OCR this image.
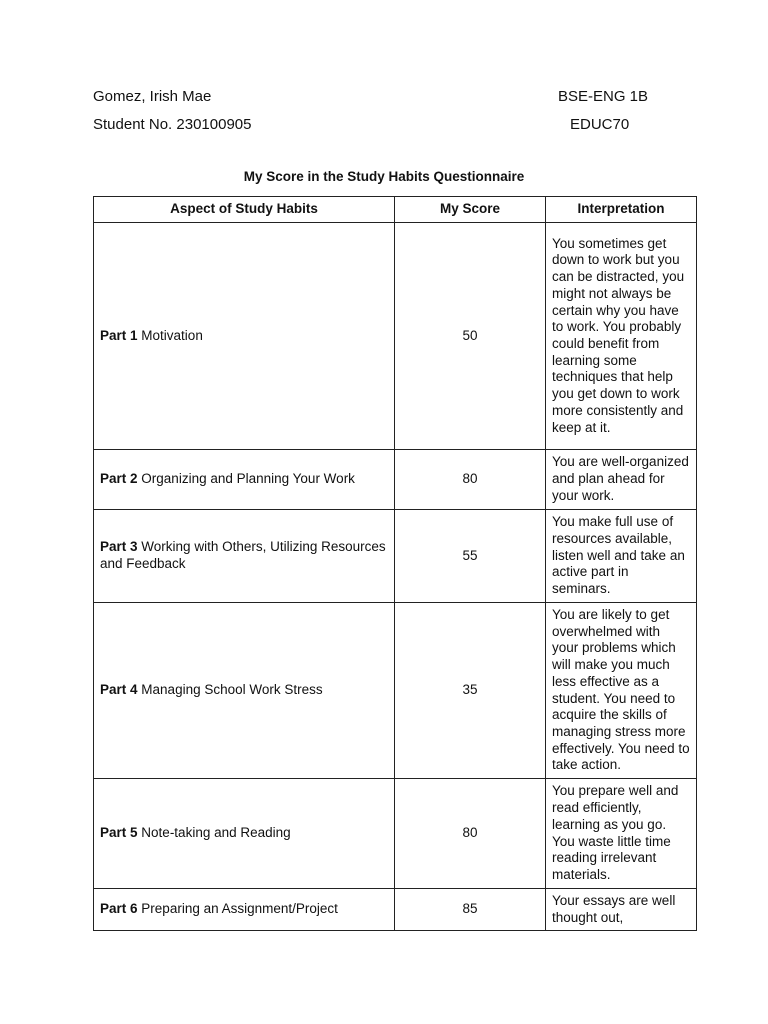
Gomez, Irish Mae
Student No. 230100905
BSE-ENG 1B
EDUC70
My Score in the Study Habits Questionnaire
Aspect of Study Habits	My Score	Interpretation
Part 1 Motivation	50	You sometimes get down to work but you can be distracted, you might not always be certain why you have to work. You probably could benefit from learning some techniques that help you get down to work more consistently and keep at it.
Part 2 Organizing and Planning Your Work	80	You are well-organized and plan ahead for your work.
Part 3 Working with Others, Utilizing Resources and Feedback	55	You make full use of resources available, listen well and take an active part in seminars.
Part 4 Managing School Work Stress	35	You are likely to get overwhelmed with your problems which will make you much less effective as a student. You need to acquire the skills of managing stress more effectively. You need to take action.
Part 5 Note-taking and Reading	80	You prepare well and read efficiently, learning as you go. You waste little time reading irrelevant materials.
Part 6 Preparing an Assignment/Project	85	Your essays are well thought out,
